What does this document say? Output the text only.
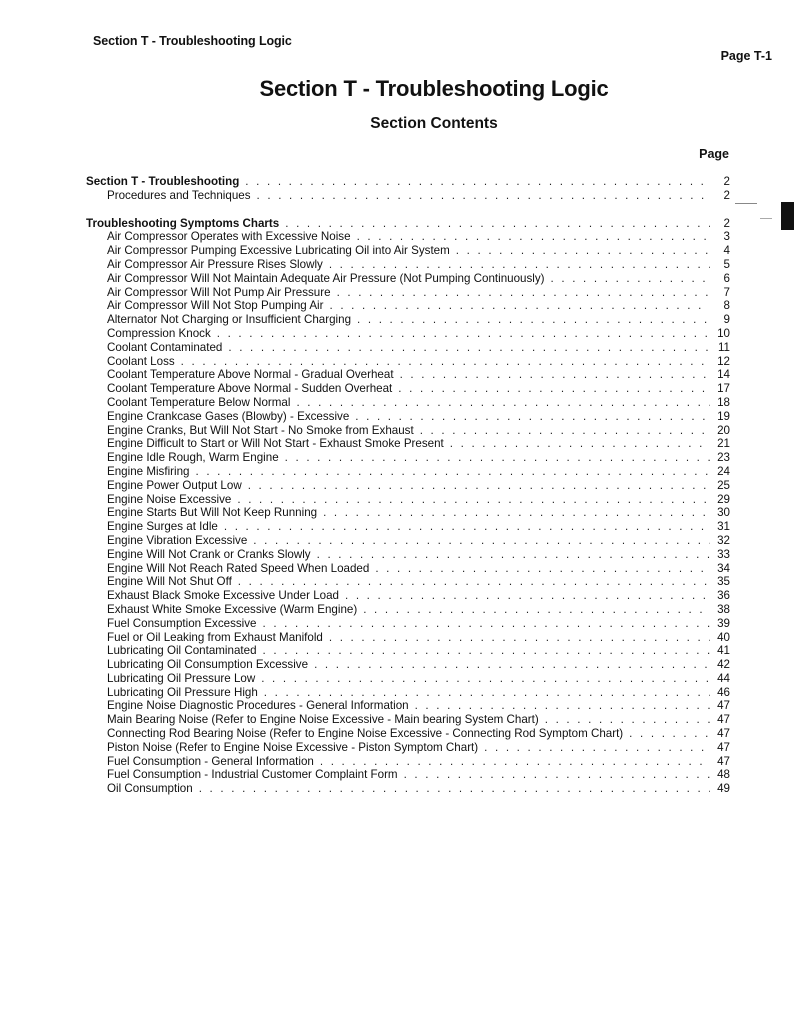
Section T - Troubleshooting Logic
Page T-1
Section T - Troubleshooting Logic
Section Contents
Page
Section T - Troubleshooting . . .	2
Procedures and Techniques . . .	2
Troubleshooting Symptoms Charts . . .	2
Air Compressor Operates with Excessive Noise . . .	3
Air Compressor Pumping Excessive Lubricating Oil into Air System . . .	4
Air Compressor Air Pressure Rises Slowly . . .	5
Air Compressor Will Not Maintain Adequate Air Pressure (Not Pumping Continuously) . . .	6
Air Compressor Will Not Pump Air Pressure . . .	7
Air Compressor Will Not Stop Pumping Air . . .	8
Alternator Not Charging or Insufficient Charging . . .	9
Compression Knock . . .	10
Coolant Contaminated . . .	11
Coolant Loss . . .	12
Coolant Temperature Above Normal - Gradual Overheat . . .	14
Coolant Temperature Above Normal - Sudden Overheat . . .	17
Coolant Temperature Below Normal . . .	18
Engine Crankcase Gases (Blowby) - Excessive . . .	19
Engine Cranks, But Will Not Start - No Smoke from Exhaust . . .	20
Engine Difficult to Start or Will Not Start - Exhaust Smoke Present . . .	21
Engine Idle Rough, Warm Engine . . .	23
Engine Misfiring . . .	24
Engine Power Output Low . . .	25
Engine Noise Excessive . . .	29
Engine Starts But Will Not Keep Running . . .	30
Engine Surges at Idle . . .	31
Engine Vibration Excessive . . .	32
Engine Will Not Crank or Cranks Slowly . . .	33
Engine Will Not Reach Rated Speed When Loaded . . .	34
Engine Will Not Shut Off . . .	35
Exhaust Black Smoke Excessive Under Load . . .	36
Exhaust White Smoke Excessive (Warm Engine) . . .	38
Fuel Consumption Excessive . . .	39
Fuel or Oil Leaking from Exhaust Manifold . . .	40
Lubricating Oil Contaminated . . .	41
Lubricating Oil Consumption Excessive . . .	42
Lubricating Oil Pressure Low . . .	44
Lubricating Oil Pressure High . . .	46
Engine Noise Diagnostic Procedures - General Information . . .	47
Main Bearing Noise (Refer to Engine Noise Excessive - Main bearing System Chart) . . .	47
Connecting Rod Bearing Noise (Refer to Engine Noise Excessive - Connecting Rod Symptom Chart) . . .	47
Piston Noise (Refer to Engine Noise Excessive - Piston Symptom Chart) . . .	47
Fuel Consumption - General Information . . .	47
Fuel Consumption - Industrial Customer Complaint Form . . .	48
Oil Consumption . . .	49
